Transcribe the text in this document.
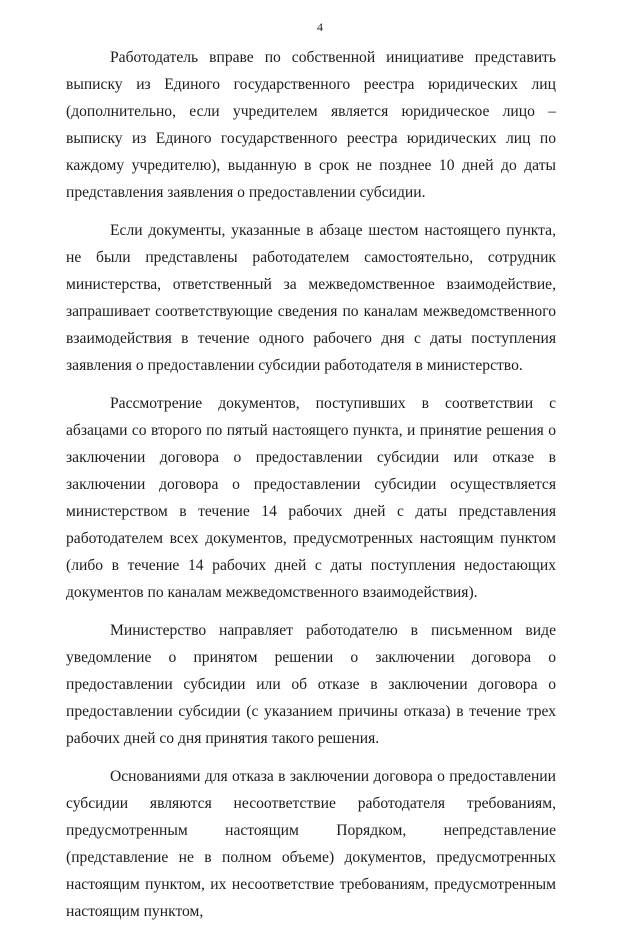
4

Работодатель вправе по собственной инициативе представить выписку из Единого государственного реестра юридических лиц (дополнительно, если учредителем является юридическое лицо – выписку из Единого государственного реестра юридических лиц по каждому учредителю), выданную в срок не позднее 10 дней до даты представления заявления о предоставлении субсидии.

Если документы, указанные в абзаце шестом настоящего пункта, не были представлены работодателем самостоятельно, сотрудник министерства, ответственный за межведомственное взаимодействие, запрашивает соответствующие сведения по каналам межведомственного взаимодействия в течение одного рабочего дня с даты поступления заявления о предоставлении субсидии работодателя в министерство.

Рассмотрение документов, поступивших в соответствии с абзацами со второго по пятый настоящего пункта, и принятие решения о заключении договора о предоставлении субсидии или отказе в заключении договора о предоставлении субсидии осуществляется министерством в течение 14 рабочих дней с даты представления работодателем всех документов, предусмотренных настоящим пунктом (либо в течение 14 рабочих дней с даты поступления недостающих документов по каналам межведомственного взаимодействия).

Министерство направляет работодателю в письменном виде уведомление о принятом решении о заключении договора о предоставлении субсидии или об отказе в заключении договора о предоставлении субсидии (с указанием причины отказа) в течение трех рабочих дней со дня принятия такого решения.

Основаниями для отказа в заключении договора о предоставлении субсидии являются несоответствие работодателя требованиям, предусмотренным настоящим Порядком, непредставление (представление не в полном объеме) документов, предусмотренных настоящим пунктом, их несоответствие требованиям, предусмотренным настоящим пунктом,
